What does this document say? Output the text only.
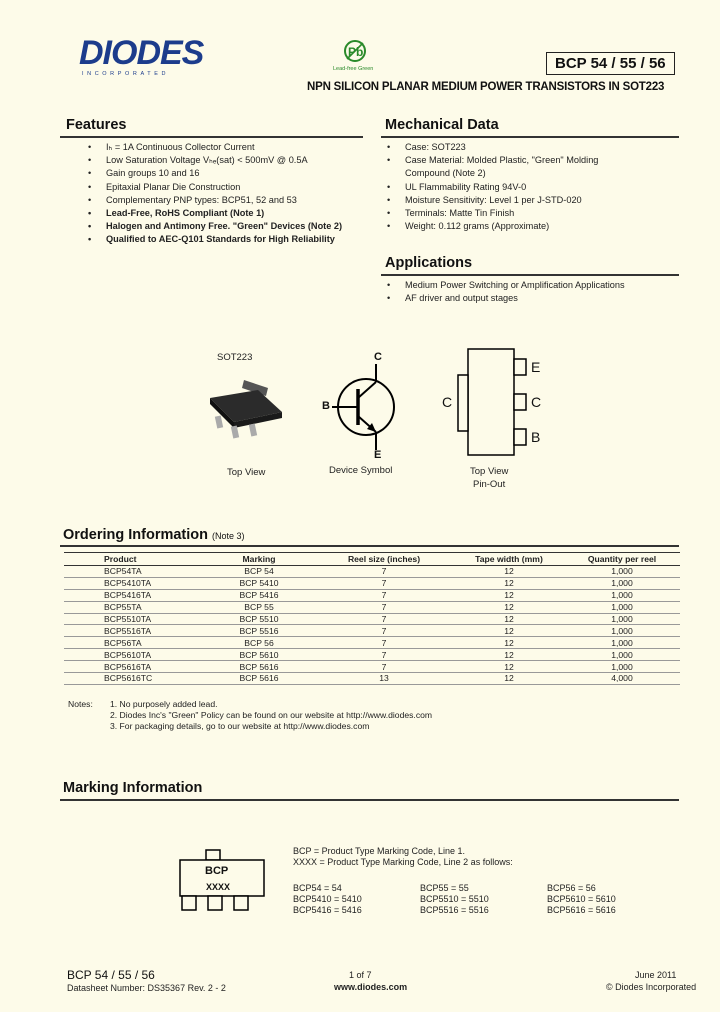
DIODES
INCORPORATED
Pb
Lead-free Green	BCP 54 / 55 / 56
NPN SILICON PLANAR MEDIUM POWER TRANSISTORS IN SOT223
Features
• Iₕ = 1A Continuous Collector Current
• Low Saturation Voltage Vₕₑ(sat) < 500mV @ 0.5A
• Gain groups 10 and 16
• Epitaxial Planar Die Construction
• Complementary PNP types: BCP51, 52 and 53
• Lead-Free, RoHS Compliant (Note 1)
• Halogen and Antimony Free. "Green" Devices (Note 2)
• Qualified to AEC-Q101 Standards for High Reliability
Mechanical Data
• Case: SOT223
• Case Material: Molded Plastic, "Green" Molding Compound (Note 2)
• UL Flammability Rating 94V-0
• Moisture Sensitivity: Level 1 per J-STD-020
• Terminals: Matte Tin Finish
• Weight: 0.112 grams (Approximate)
Applications
• Medium Power Switching or Amplification Applications
• AF driver and output stages
SOT223
Top View
C
B
E
Device Symbol
E
C
B
C
Top View
Pin-Out
Ordering Information (Note 3)
Product	Marking	Reel size (inches)	Tape width (mm)	Quantity per reel
BCP54TA	BCP 54	7	12	1,000
BCP5410TA	BCP 5410	7	12	1,000
BCP5416TA	BCP 5416	7	12	1,000
BCP55TA	BCP 55	7	12	1,000
BCP5510TA	BCP 5510	7	12	1,000
BCP5516TA	BCP 5516	7	12	1,000
BCP56TA	BCP 56	7	12	1,000
BCP5610TA	BCP 5610	7	12	1,000
BCP5616TA	BCP 5616	7	12	1,000
BCP5616TC	BCP 5616	13	12	4,000
Notes: 1. No purposely added lead.
2. Diodes Inc's "Green" Policy can be found on our website at http://www.diodes.com
3. For packaging details, go to our website at http://www.diodes.com
Marking Information
BCP
XXXX
BCP = Product Type Marking Code, Line 1.
XXXX = Product Type Marking Code, Line 2 as follows:
BCP54 = 54
BCP5410 = 5410
BCP5416 = 5416
BCP55 = 55
BCP5510 = 5510
BCP5516 = 5516
BCP56 = 56
BCP5610 = 5610
BCP5616 = 5616
BCP 54 / 55 / 56
Datasheet Number: DS35367 Rev. 2 - 2
1 of 7
www.diodes.com
June 2011
© Diodes Incorporated
